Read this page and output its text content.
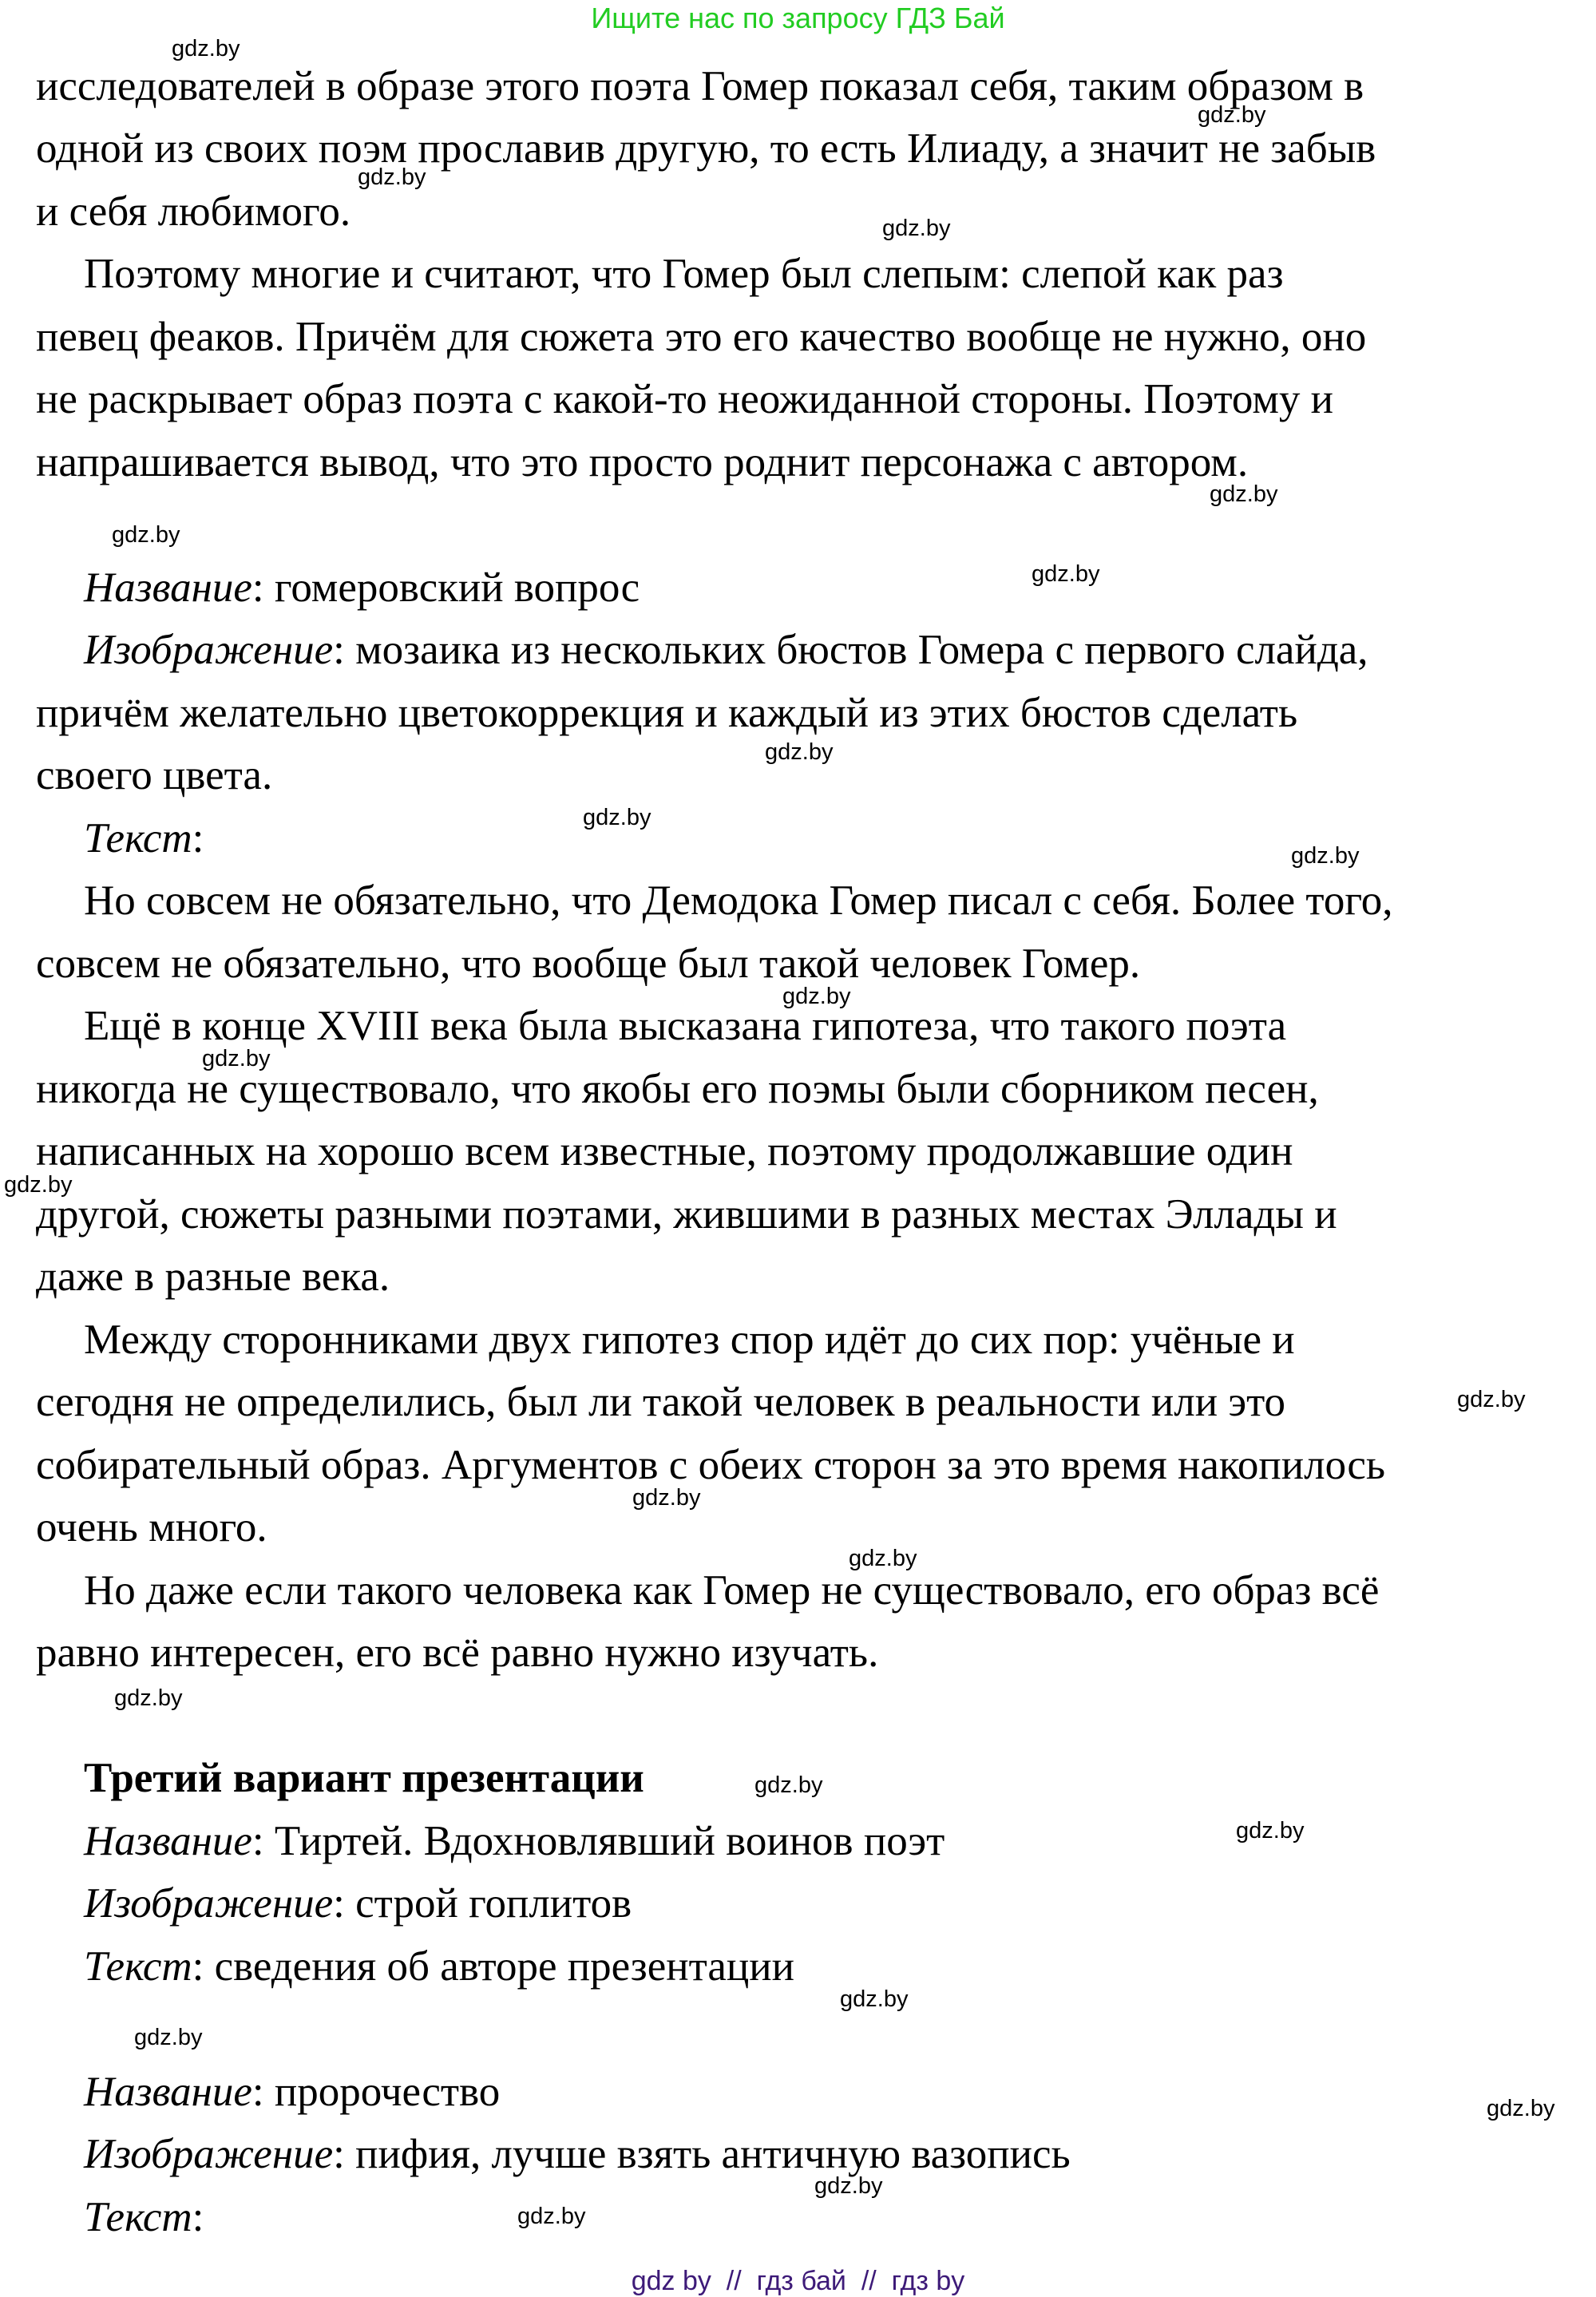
Ищите нас по запросу ГДЗ Бай
исследователей в образе этого поэта Гомер показал себя, таким образом в
одной из своих поэм прославив другую, то есть Илиаду, а значит не забыв
и себя любимого.
Поэтому многие и считают, что Гомер был слепым: слепой как раз
певец феаков. Причём для сюжета это его качество вообще не нужно, оно
не раскрывает образ поэта с какой-то неожиданной стороны. Поэтому и
напрашивается вывод, что это просто роднит персонажа с автором.
Название: гомеровский вопрос
Изображение: мозаика из нескольких бюстов Гомера с первого слайда,
причём желательно цветокоррекция и каждый из этих бюстов сделать
своего цвета.
Текст:
Но совсем не обязательно, что Демодока Гомер писал с себя. Более того,
совсем не обязательно, что вообще был такой человек Гомер.
Ещё в конце XVIII века была высказана гипотеза, что такого поэта
никогда не существовало, что якобы его поэмы были сборником песен,
написанных на хорошо всем известные, поэтому продолжавшие один
другой, сюжеты разными поэтами, жившими в разных местах Эллады и
даже в разные века.
Между сторонниками двух гипотез спор идёт до сих пор: учёные и
сегодня не определились, был ли такой человек в реальности или это
собирательный образ. Аргументов с обеих сторон за это время накопилось
очень много.
Но даже если такого человека как Гомер не существовало, его образ всё
равно интересен, его всё равно нужно изучать.
Третий вариант презентации
Название: Тиртей. Вдохновлявший воинов поэт
Изображение: строй гоплитов
Текст: сведения об авторе презентации
Название: пророчество
Изображение: пифия, лучше взять античную вазопись
Текст:
gdz.by
gdz.by
gdz.by
gdz.by
gdz.by
gdz.by
gdz.by
gdz.by
gdz.by
gdz.by
gdz.by
gdz.by
gdz.by
gdz.by
gdz.by
gdz.by
gdz.by
gdz.by
gdz.by
gdz.by
gdz.by
gdz.by
gdz.by
gdz.by
gdz by  //  гдз бай  //  гдз by
